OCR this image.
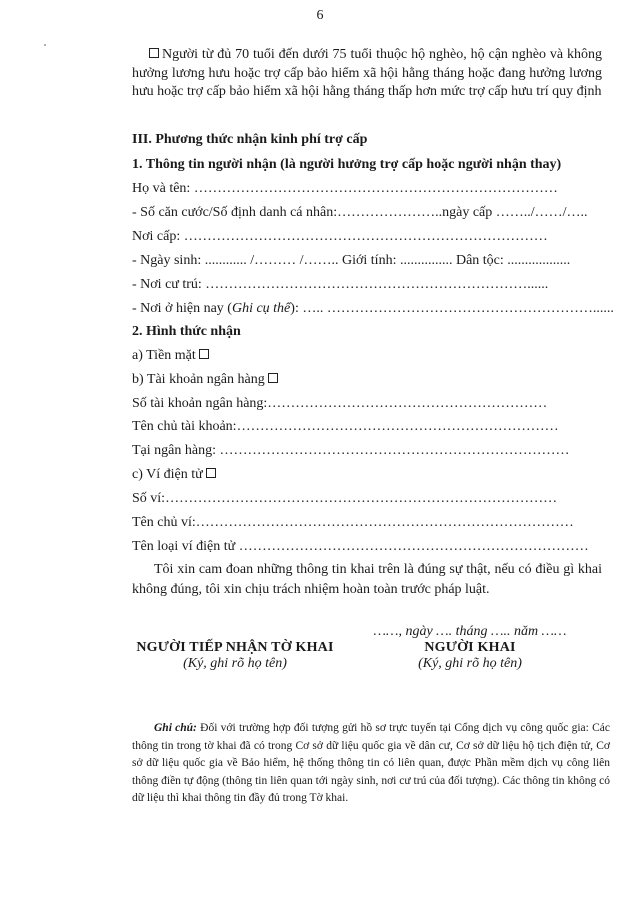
6
Người từ đủ 70 tuổi đến dưới 75 tuổi thuộc hộ nghèo, hộ cận nghèo và không hưởng lương hưu hoặc trợ cấp bảo hiểm xã hội hằng tháng hoặc đang hưởng lương hưu hoặc trợ cấp bảo hiểm xã hội hằng tháng thấp hơn mức trợ cấp hưu trí quy định
III. Phương thức nhận kinh phí trợ cấp
1. Thông tin người nhận (là người hưởng trợ cấp hoặc người nhận thay)
Họ và tên: ……………………………………………………………………
- Số căn cước/Số định danh cá nhân:…………………..ngày cấp ……../……/…..
Nơi cấp: ……………………………………………………………………
- Ngày sinh: ............ /……… /…….. Giới tính: ............... Dân tộc: ..................
- Nơi cư trú: ……………………………………………………………......
- Nơi ở hiện nay (Ghi cụ thể): ….. …………………………………………………......
2. Hình thức nhận
a) Tiền mặt
b) Tài khoản ngân hàng
Số tài khoản ngân hàng:……………………………………………………
Tên chủ tài khoản:……………………………………………………………
Tại ngân hàng: …………………………………………………………………
c) Ví điện tử
Số ví:…………………………………………………………………………
Tên chủ ví:………………………………………………………………………
Tên loại ví điện tử …………………………………………………………………
Tôi xin cam đoan những thông tin khai trên là đúng sự thật, nếu có điều gì khai không đúng, tôi xin chịu trách nhiệm hoàn toàn trước pháp luật.
……, ngày …. tháng ….. năm ……
NGƯỜI TIẾP NHẬN TỜ KHAI
(Ký, ghi rõ họ tên)
NGƯỜI KHAI
(Ký, ghi rõ họ tên)
Ghi chú: Đối với trường hợp đối tượng gửi hồ sơ trực tuyến tại Cổng dịch vụ công quốc gia: Các thông tin trong tờ khai đã có trong Cơ sở dữ liệu quốc gia về dân cư, Cơ sở dữ liệu hộ tịch điện tử, Cơ sở dữ liệu quốc gia về Bảo hiểm, hệ thống thông tin có liên quan, được Phần mềm dịch vụ công liên thông điền tự động (thông tin liên quan tới ngày sinh, nơi cư trú của đối tượng). Các thông tin không có dữ liệu thì khai thông tin đầy đủ trong Tờ khai.
